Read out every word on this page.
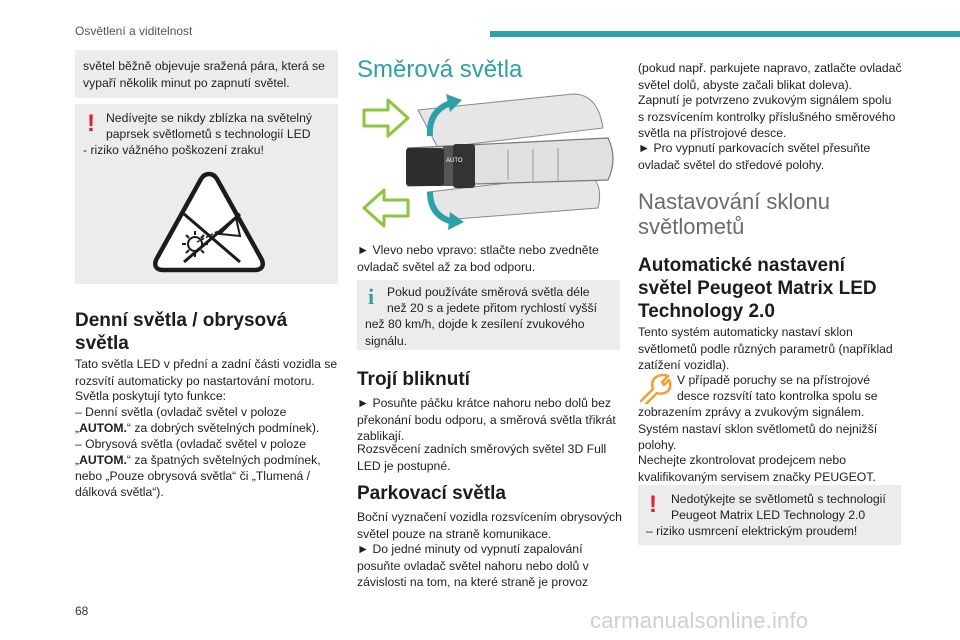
Osvětlení a viditelnost

světel běžně objevuje sražená pára, která se vypaří několik minut po zapnutí světel.

! Nedívejte se nikdy zblízka na světelný

paprsek světlometů s technologií LED

- riziko vážného poškození zraku!

Denní světla / obrysová světla

Tato světla LED v přední a zadní části vozidla se rozsvítí automaticky po nastartování motoru.

Světla poskytují tyto funkce:

– Denní světla (ovladač světel v poloze

„AUTOM.“ za dobrých světelných podmínek).

– Obrysová světla (ovladač světel v poloze

„AUTOM.“ za špatných světelných podmínek,

nebo „Pouze obrysová světla“ či „Tlumená /

dálková světla“).

Směrová světla
AUTO

► Vlevo nebo vpravo: stlačte nebo zvedněte ovladač světel až za bod odporu.

i Pokud používáte směrová světla déle

než 20 s a jedete přitom rychlostí vyšší

než 80 km/h, dojde k zesílení zvukového signálu.

Trojí bliknutí

► Posuňte páčku krátce nahoru nebo dolů bez překonání bodu odporu, a směrová světla třikrát zablikají.

Rozsvěcení zadních směrových světel 3D Full LED je postupné.

Parkovací světla

Boční vyznačení vozidla rozsvícením obrysových světel pouze na straně komunikace.

► Do jedné minuty od vypnutí zapalování posuňte ovladač světel nahoru nebo dolů v závislosti na tom, na které straně je provoz

(pokud např. parkujete napravo, zatlačte ovladač světel dolů, abyste začali blikat doleva).

Zapnutí je potvrzeno zvukovým signálem spolu s rozsvícením kontrolky příslušného směrového světla na přístrojové desce.

► Pro vypnutí parkovacích světel přesuňte ovladač světel do středové polohy.

Nastavování sklonu světlometů
Automatické nastavení světel Peugeot Matrix LED Technology 2.0

Tento systém automaticky nastaví sklon světlometů podle různých parametrů (například zatížení vozidla).

V případě poruchy se na přístrojové

desce rozsvítí tato kontrolka spolu se

zobrazením zprávy a zvukovým signálem. Systém nastaví sklon světlometů do nejnižší polohy.

Nechejte zkontrolovat prodejcem nebo kvalifikovaným servisem značky PEUGEOT.

! Nedotýkejte se světlometů s technologií

Peugeot Matrix LED Technology 2.0

– riziko usmrcení elektrickým proudem!

68	carmanualsonline.info
